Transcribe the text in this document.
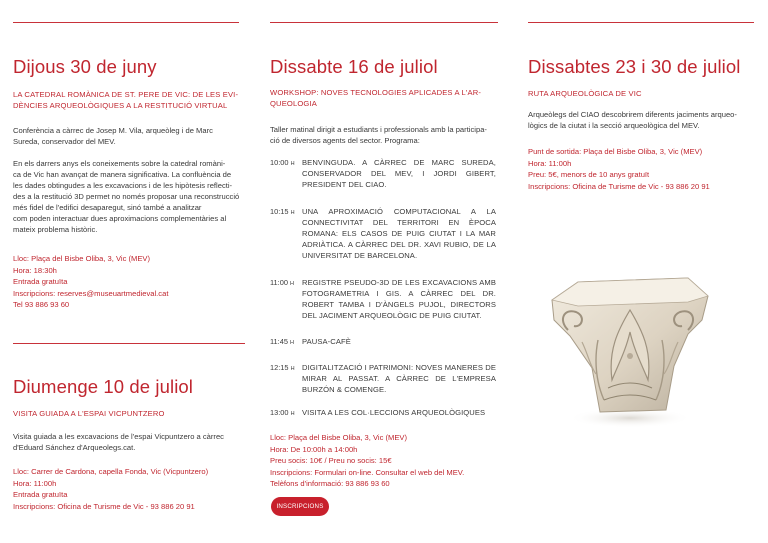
Dijous 30 de juny
LA CATEDRAL ROMÀNICA DE ST. PERE DE VIC: DE LES EVI-
DÈNCIES ARQUEOLÒGIQUES A LA RESTITUCIÓ VIRTUAL
Conferència a càrrec de Josep M. Vila, arqueòleg i de Marc
Sureda, conservador del MEV.
En els darrers anys els coneixements sobre la catedral romàni-
ca de Vic han avançat de manera significativa. La confluència de
les dades obtingudes a les excavacions i de les hipòtesis reflecti-
des a la restitució 3D permet no només proposar una reconstrucció
més fidel de l'edifici desaparegut, sinó també a analitzar
com poden interactuar dues aproximacions complementàries al
mateix problema històric.
Lloc: Plaça del Bisbe Oliba, 3, Vic (MEV)
Hora: 18:30h
Entrada gratuïta
Inscripcions: reserves@museuartmedieval.cat
Tel 93 886 93 60
Diumenge 10 de juliol
VISITA GUIADA A L'ESPAI VICPUNTZERO
Visita guiada a les excavacions de l'espai Vicpuntzero a càrrec
d'Eduard Sánchez d'Arqueolegs.cat.
Lloc: Carrer de Cardona, capella Fonda, Vic (Vicpuntzero)
Hora: 11:00h
Entrada gratuïta
Inscripcions: Oficina de Turisme de Vic - 93 886 20 91
Dissabte 16 de juliol
WORKSHOP: NOVES TECNOLOGIES APLICADES A L'AR-
QUEOLOGIA
Taller matinal dirigit a estudiants i professionals amb la participa-
ció de diversos agents del sector. Programa:
10:00 H BENVINGUDA. A CÀRREC DE MARC SUREDA, CONSERVADOR DEL MEV, I JORDI GIBERT, PRESIDENT DEL CIAO.
10:15 H UNA APROXIMACIÓ COMPUTACIONAL A LA CONNECTIVITAT DEL TERRITORI EN ÈPOCA ROMANA: ELS CASOS DE PUIG CIUTAT I LA MAR ADRIÀTICA. A CÀRREC DEL DR. XAVI RUBIO, DE LA UNIVERSITAT DE BARCELONA.
11:00 H	REGISTRE PSEUDO-3D DE LES EXCAVACIONS AMB FOTOGRAMETRIA I GIS. A CÀRREC DEL DR. ROBERT TAMBA I D'ÀNGELS PUJOL, DIRECTORS DEL JACIMENT ARQUEOLÒGIC DE PUIG CIUTAT.
11:45 H	PAUSA-CAFÈ
12:15 H DIGITALITZACIÓ I PATRIMONI: NOVES MANERES DE MIRAR AL PASSAT. A CÀRREC DE L'EMPRESA BURZÓN & COMENGE.
13:00 H VISITA A LES COL·LECCIONS ARQUEOLÒGIQUES
Lloc: Plaça del Bisbe Oliba, 3, Vic (MEV)
Hora: De 10:00h a 14:00h
Preu socis: 10€ / Preu no socis: 15€
Inscripcions: Formulari on-line. Consultar el web del MEV.
Telèfons d'informació: 93 886 93 60
INSCRIPCIONS
Dissabtes 23 i 30 de juliol
RUTA ARQUEOLÒGICA DE VIC
Arqueòlegs del CIAO descobrirem diferents jaciments arqueo-
lògics de la ciutat i la secció arqueològica del MEV.
Punt de sortida: Plaça del Bisbe Oliba, 3, Vic (MEV)
Hora: 11:00h
Preu: 5€, menors de 10 anys gratuït
Inscripcions: Oficina de Turisme de Vic - 93 886 20 91
